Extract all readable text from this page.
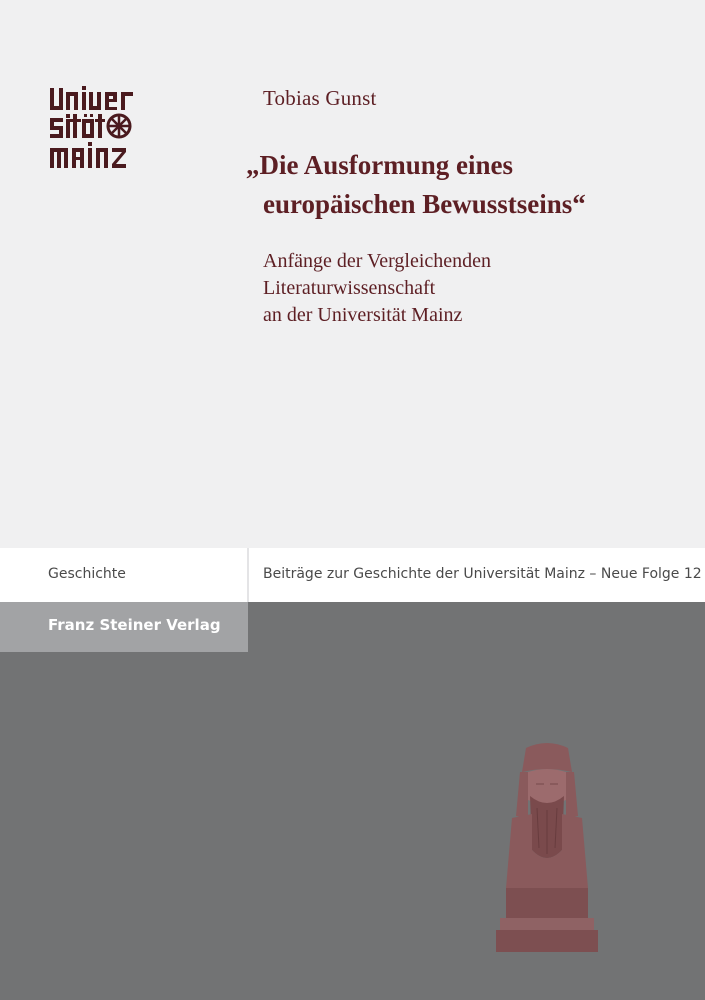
Tobias Gunst
„Die Ausformung eines
europäischen Bewusstseins“
Anfänge der Vergleichenden
Literaturwissenschaft
an der Universität Mainz
Geschichte	Beiträge zur Geschichte der Universität Mainz – Neue Folge 12
Franz Steiner Verlag
